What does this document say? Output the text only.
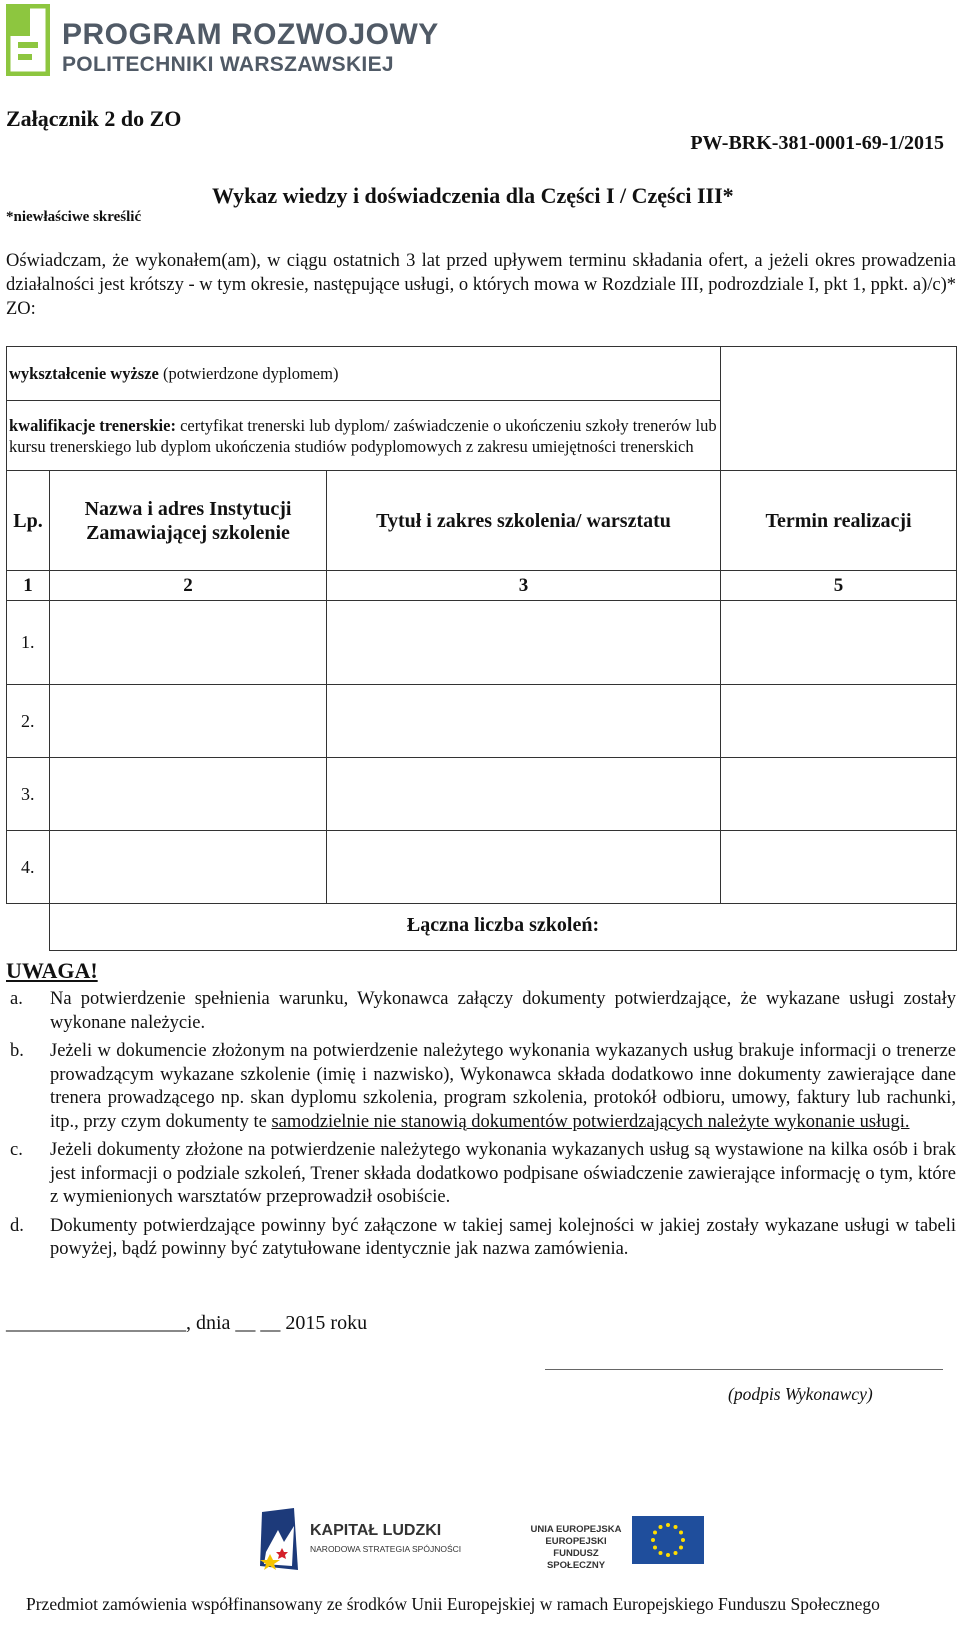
PROGRAM ROZWOJOWY
POLITECHNIKI WARSZAWSKIEJ
Załącznik 2 do ZO
PW-BRK-381-0001-69-1/2015
Wykaz wiedzy i doświadczenia dla Części I / Części III*
*niewłaściwe skreślić
Oświadczam, że wykonałem(am), w ciągu ostatnich 3 lat przed upływem terminu składania ofert, a jeżeli okres prowadzenia działalności jest krótszy - w tym okresie, następujące usługi, o których mowa w Rozdziale III, podrozdziale I, pkt 1, ppkt. a)/c)* ZO:
wykształcenie wyższe (potwierdzone dyplomem)			
kwalifikacje trenerskie: certyfikat trenerski lub dyplom/ zaświadczenie o ukończeniu szkoły trenerów lub kursu trenerskiego lub dyplom ukończenia studiów podyplomowych z zakresu umiejętności trenerskich			
Lp.	Nazwa i adres Instytucji Zamawiającej szkolenie	Tytuł i zakres szkolenia/ warsztatu	Termin realizacji
1	2	3	5
1.			
2.			
3.			
4.			
	Łączna liczba szkoleń:		
UWAGA!
a. Na potwierdzenie spełnienia warunku, Wykonawca załączy dokumenty potwierdzające, że wykazane usługi zostały wykonane należycie.
b. Jeżeli w dokumencie złożonym na potwierdzenie należytego wykonania wykazanych usług brakuje informacji o trenerze prowadzącym wykazane szkolenie (imię i nazwisko), Wykonawca składa dodatkowo inne dokumenty zawierające dane trenera prowadzącego np. skan dyplomu szkolenia, program szkolenia, protokół odbioru, umowy, faktury lub rachunki, itp., przy czym dokumenty te samodzielnie nie stanowią dokumentów potwierdzających należyte wykonanie usługi.
c. Jeżeli dokumenty złożone na potwierdzenie należytego wykonania wykazanych usług są wystawione na kilka osób i brak jest informacji o podziale szkoleń, Trener składa dodatkowo podpisane oświadczenie zawierające informację o tym, które z wymienionych warsztatów przeprowadził osobiście.
d. Dokumenty potwierdzające powinny być załączone w takiej samej kolejności w jakiej zostały wykazane usługi w tabeli powyżej, bądź powinny być zatytułowane identycznie jak nazwa zamówienia.
__________________, dnia __ __ 2015 roku
(podpis Wykonawcy)
KAPITAŁ LUDZKI
NARODOWA STRATEGIA SPÓJNOŚCI
UNIA EUROPEJSKA
EUROPEJSKI
FUNDUSZ SPOŁECZNY
Przedmiot zamówienia współfinansowany ze środków Unii Europejskiej w ramach Europejskiego Funduszu Społecznego
